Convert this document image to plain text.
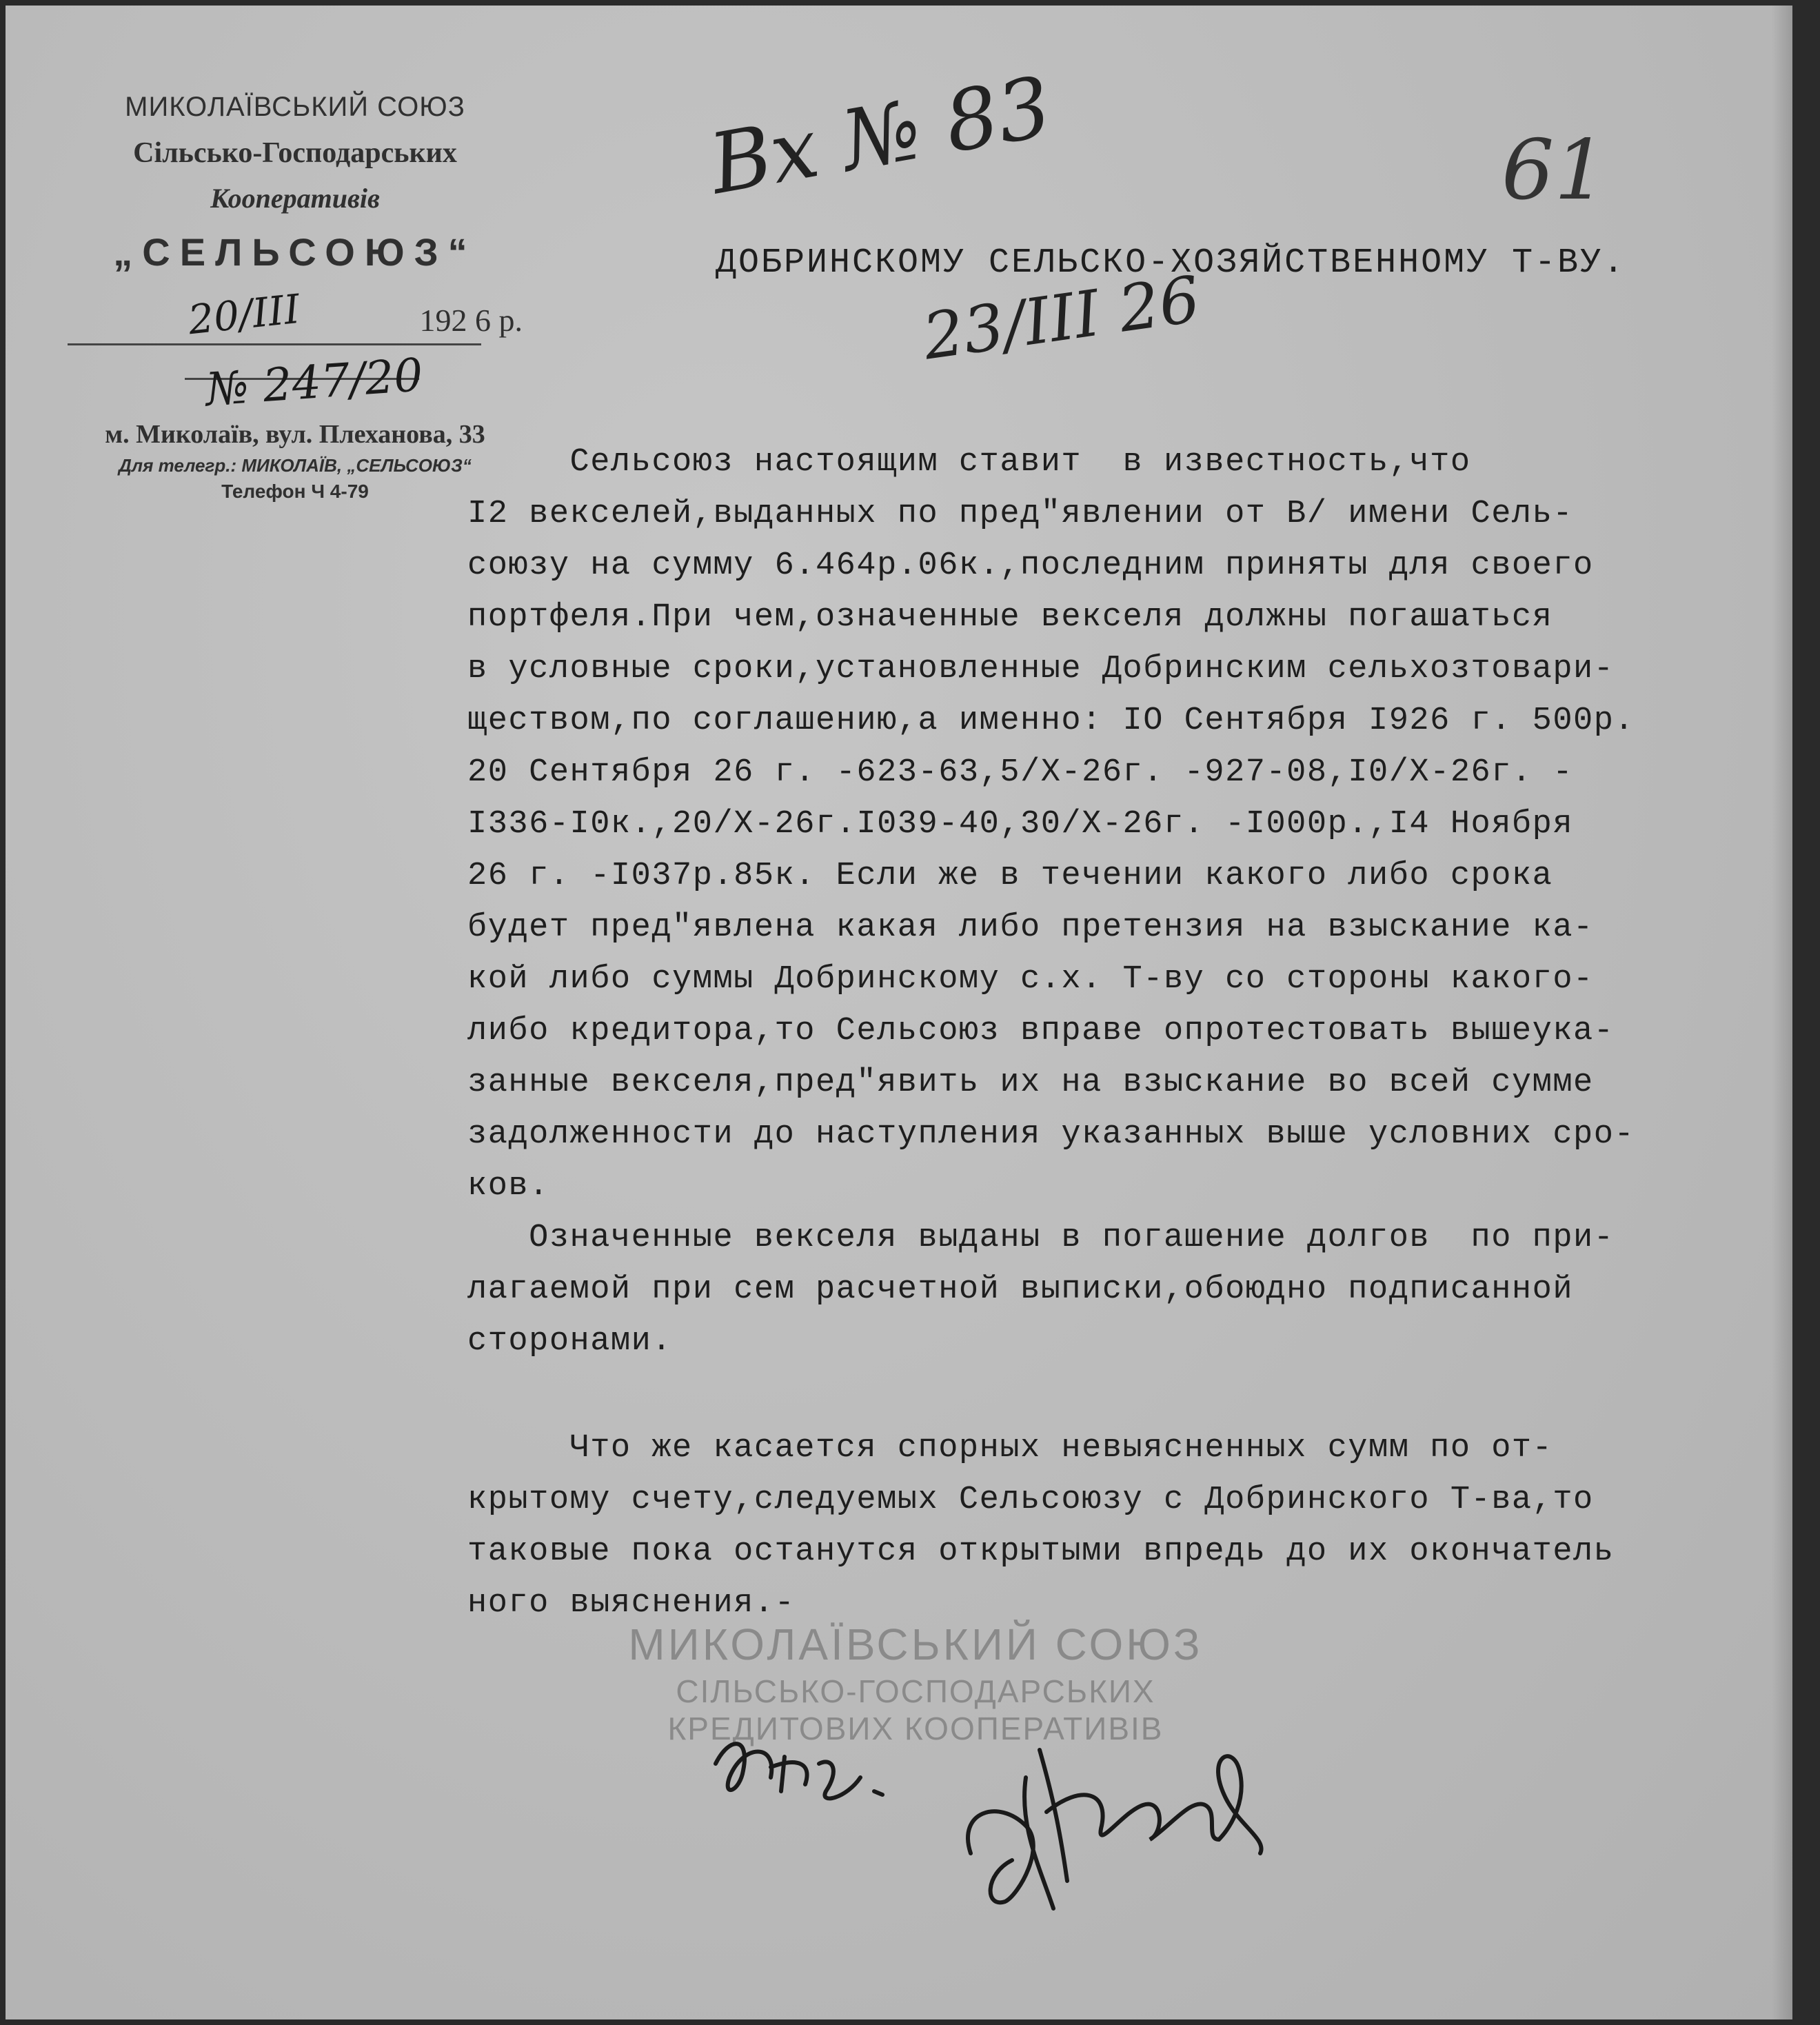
МИКОЛАЇВСЬКИЙ СОЮЗ
Сільсько-Господарських
Кооперативів
„СЕЛЬСОЮЗ“
20/III	192 6 р.
№ 247/20
м. Миколаїв, вул. Плеханова, 33
Для телегр.: МИКОЛАЇВ, „СЕЛЬСОЮЗ“
Телефон Ч 4-79
Вх № 83	61
ДОБРИНСКОМУ СЕЛЬСКО-ХОЗЯЙСТВЕННОМУ Т-ВУ.
23/III 26
Сельсоюз настоящим ставит  в известность,что
I2 векселей,выданных по пред"явлении от В/ имени Сель-
союзу на сумму 6.464р.06к.,последним приняты для своего
портфеля.При чем,означенные векселя должны погашаться
в условные сроки,установленные Добринским сельхозтовари-
ществом,по соглашению,а именно: IO Сентября I926 г. 500р.
20 Сентября 26 г. -623-63,5/Х-26г. -927-08,I0/Х-26г. -
I336-I0к.,20/Х-26г.I039-40,30/Х-26г. -I000р.,I4 Ноября
26 г. -I037р.85к. Если же в течении какого либо срока
будет пред"явлена какая либо претензия на взыскание ка-
кой либо суммы Добринскому с.х. Т-ву со стороны какого-
либо кредитора,то Сельсоюз вправе опротестовать вышеука-
занные векселя,пред"явить их на взыскание во всей сумме
задолженности до наступления указанных выше условних сро-
ков.
Означенные векселя выданы в погашение долгов  по при-
лагаемой при сем расчетной выписки,обоюдно подписанной
сторонами.
Что же касается спорных невыясненных сумм по от-
крытому счету,следуемых Сельсоюзу с Добринского Т-ва,то
таковые пока останутся открытыми впредь до их окончатель
ного выяснения.-
МИКОЛАЇВСЬКИЙ СОЮЗ
СІЛЬСЬКО-ГОСПОДАРСЬКИХ КРЕДИТОВИХ КООПЕРАТИВІВ
